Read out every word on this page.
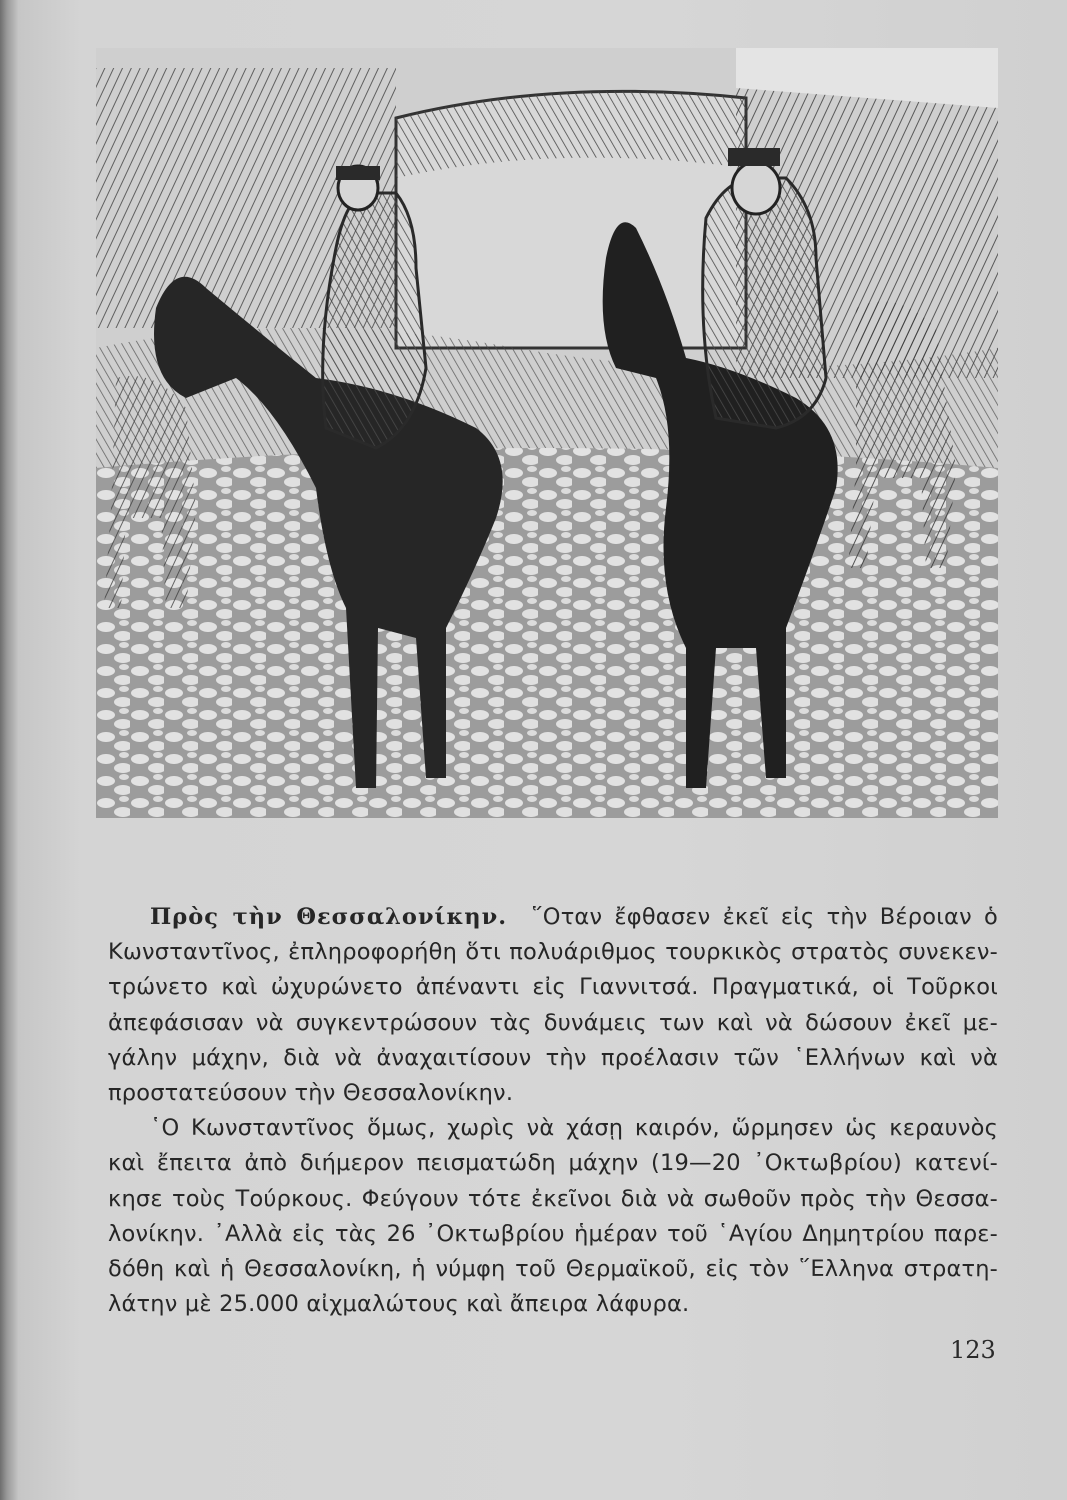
Πρὸς τὴν Θεσσαλονίκην. ῞Οταν ἔφθασεν ἐκεῖ εἰς τὴν Βέροιαν ὁ Κωνσταντῖνος, ἐπληροφορήθη ὅτι πολυάριθμος τουρκικὸς στρατὸς συνεκεν- τρώνετο καὶ ὠχυρώνετο ἀπέναντι εἰς Γιαννιτσά. Πραγματικά, οἱ Τοῦρκοι ἀπεφάσισαν νὰ συγκεντρώσουν τὰς δυνάμεις των καὶ νὰ δώσουν ἐκεῖ με- γάλην μάχην, διὰ νὰ ἀναχαιτίσουν τὴν προέλασιν τῶν ῾Ελλήνων καὶ νὰ προστατεύσουν τὴν Θεσσαλονίκην.

῾Ο Κωνσταντῖνος ὅμως, χωρὶς νὰ χάσῃ καιρόν, ὥρμησεν ὡς κεραυνὸς καὶ ἔπειτα ἀπὸ διήμερον πεισματώδη μάχην (19—20 ᾿Οκτωβρίου) κατενί- κησε τοὺς Τούρκους. Φεύγουν τότε ἐκεῖνοι διὰ νὰ σωθοῦν πρὸς τὴν Θεσσα- λονίκην. ᾿Αλλὰ εἰς τὰς 26 ᾿Οκτωβρίου ἡμέραν τοῦ ῾Αγίου Δημητρίου παρε- δόθη καὶ ἡ Θεσσαλονίκη, ἡ νύμφη τοῦ Θερμαϊκοῦ, εἰς τὸν ῞Ελληνα στρατη- λάτην μὲ 25.000 αἰχμαλώτους καὶ ἄπειρα λάφυρα.

123
